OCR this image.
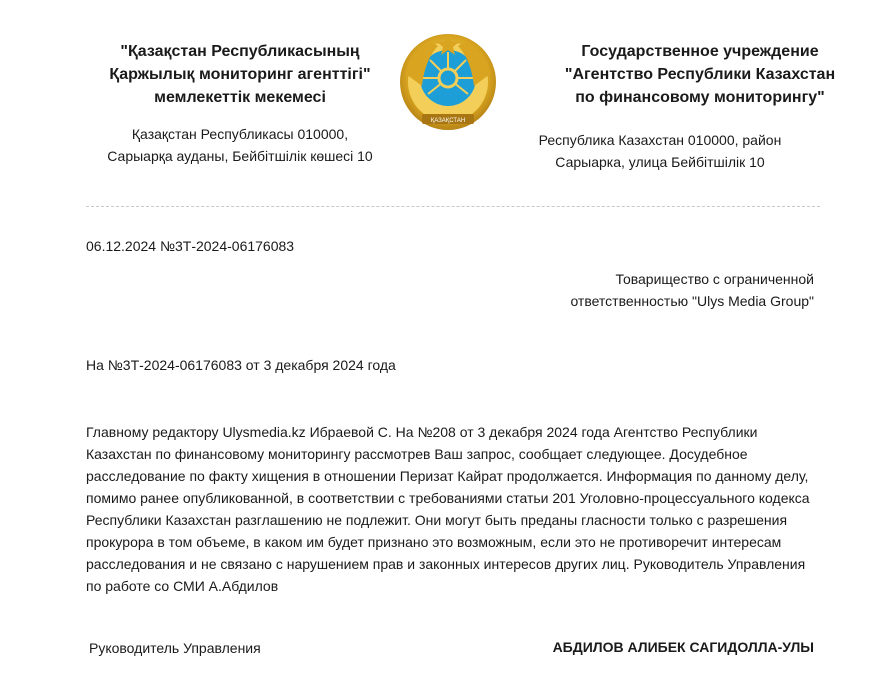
"Қазақстан Республикасының
Қаржылық мониторинг агенттігі"
мемлекеттік мекемесі
Қазақстан Республикасы 010000,
Сарыарқа ауданы, Бейбітшілік көшесі 10
ҚАЗАҚСТАН
Государственное учреждение
"Агентство Республики Казахстан
по финансовому мониторингу"
Республика Казахстан 010000, район
Сарыарка, улица Бейбітшілік 10
06.12.2024 №3Т-2024-06176083
Товарищество с ограниченной
ответственностью "Ulys Media Group"
На №3Т-2024-06176083 от 3 декабря 2024 года
Главному редактору Ulysmedia.kz Ибраевой С. На №208 от 3 декабря 2024 года Агентство Республики Казахстан по финансовому мониторингу рассмотрев Ваш запрос, сообщает следующее. Досудебное расследование по факту хищения в отношении Перизат Кайрат продолжается. Информация по данному делу, помимо ранее опубликованной, в соответствии с требованиями статьи 201 Уголовно-процессуального кодекса Республики Казахстан разглашению не подлежит. Они могут быть преданы гласности только с разрешения прокурора в том объеме, в каком им будет признано это возможным, если это не противоречит интересам расследования и не связано с нарушением прав и законных интересов других лиц. Руководитель Управления по работе со СМИ А.Абдилов
Руководитель Управления	АБДИЛОВ АЛИБЕК САГИДОЛЛА-УЛЫ
